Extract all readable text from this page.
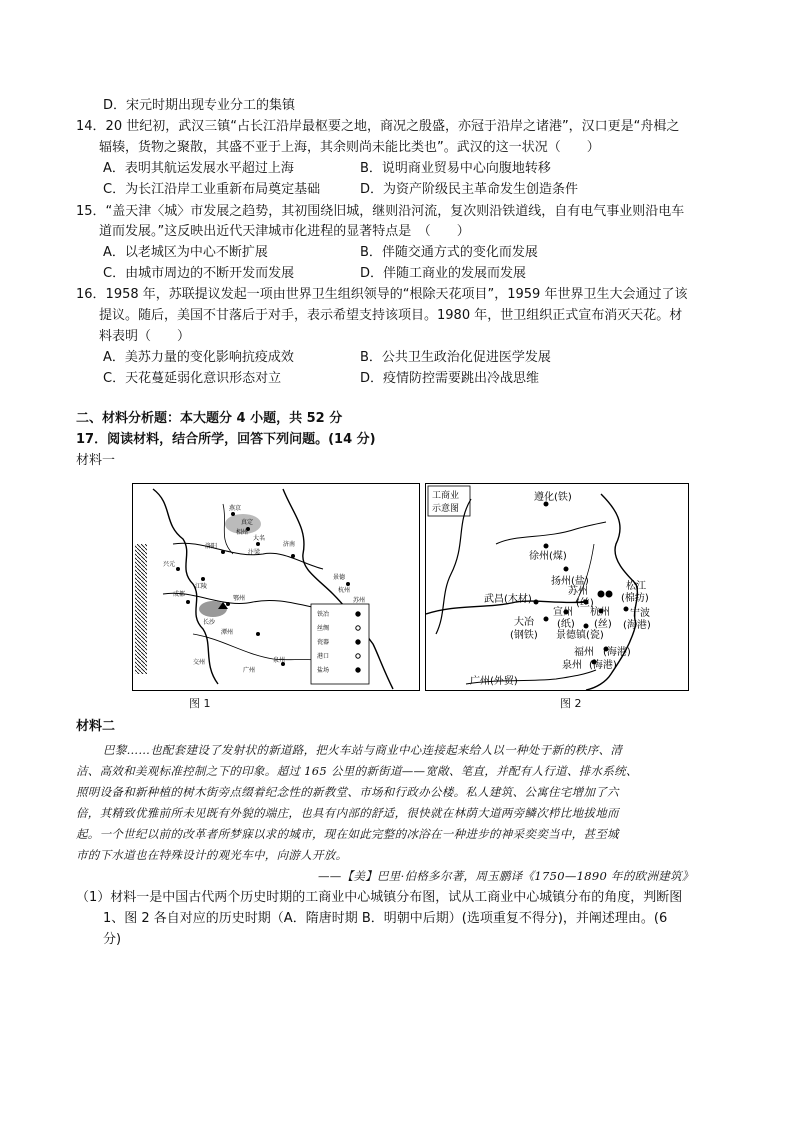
D．宋元时期出现专业分工的集镇
14．20 世纪初，武汉三镇“占长江沿岸最枢要之地，商况之殷盛，亦冠于沿岸之诸港”，汉口更是“舟楫之
辐辏，货物之聚散，其盛不亚于上海，其余则尚未能比类也”。武汉的这一状况（　　）
A．表明其航运发展水平超过上海	B．说明商业贸易中心向腹地转移
C．为长江沿岸工业重新布局奠定基础	D．为资产阶级民主革命发生创造条件
15．“盖天津〈城〉市发展之趋势，其初围绕旧城，继则沿河流，复次则沿铁道线，自有电气事业则沿电车
道而发展。”这反映出近代天津城市化进程的显著特点是　（　　）
A．以老城区为中心不断扩展	B．伴随交通方式的变化而发展
C．由城市周边的不断开发而发展	D．伴随工商业的发展而发展
16．1958 年，苏联提议发起一项由世界卫生组织领导的“根除天花项目”，1959 年世界卫生大会通过了该
提议。随后，美国不甘落后于对手，表示希望支持该项目。1980 年，世卫组织正式宣布消灭天花。材
料表明（　　）
A．美苏力量的变化影响抗疫成效	B．公共卫生政治化促进医学发展
C．天花蔓延弱化意识形态对立	D．疫情防控需要跳出冷战思维
二、材料分析题：本大题分 4 小题，共 52 分
17．阅读材料，结合所学，回答下列问题。(14 分)
材料一
燕京
相州
真定
洛阳
汴梁
大名
济南
兴元
成都
江陵
鄂州
长沙
潭州
交州
景德
苏州
杭州
泉州
广州
铁冶
丝绸
瓷器
港口
盐场
图 1
工商业
示意图
遵化(铁)
徐州(煤)
扬州(盐)
武昌(木材)
苏州
(丝)
松江
(棉纺)
宁波
(海港)
杭州
(丝)
宣州
(纸)
大冶
(钢铁) 景德镇(瓷)
福州 (海港)
泉州 (海港)
广州(外贸)
图 2
材料二
巴黎……也配套建设了发射状的新道路，把火车站与商业中心连接起来给人以一种处于新的秩序、清
洁、高效和美观标准控制之下的印象。超过 165 公里的新街道——宽敞、笔直，并配有人行道、排水系统、
照明设备和新种植的树木街旁点缀着纪念性的新教堂、市场和行政办公楼。私人建筑、公寓住宅增加了六
倍，其精致优雅前所未见既有外貌的端庄，也具有内部的舒适，很快就在林荫大道两旁鳞次栉比地拔地而
起。一个世纪以前的改革者所梦寐以求的城市，现在如此完整的冰浴在一种进步的神采奕奕当中，甚至城
市的下水道也在特殊设计的观光车中，向游人开放。
——【美】巴里·伯格多尔著，周玉鹏译《1750—1890 年的欧洲建筑》
（1）材料一是中国古代两个历史时期的工商业中心城镇分布图，试从工商业中心城镇分布的角度，判断图
1、图 2 各自对应的历史时期（A．隋唐时期 B．明朝中后期）(选项重复不得分)，并阐述理由。(6
分)
